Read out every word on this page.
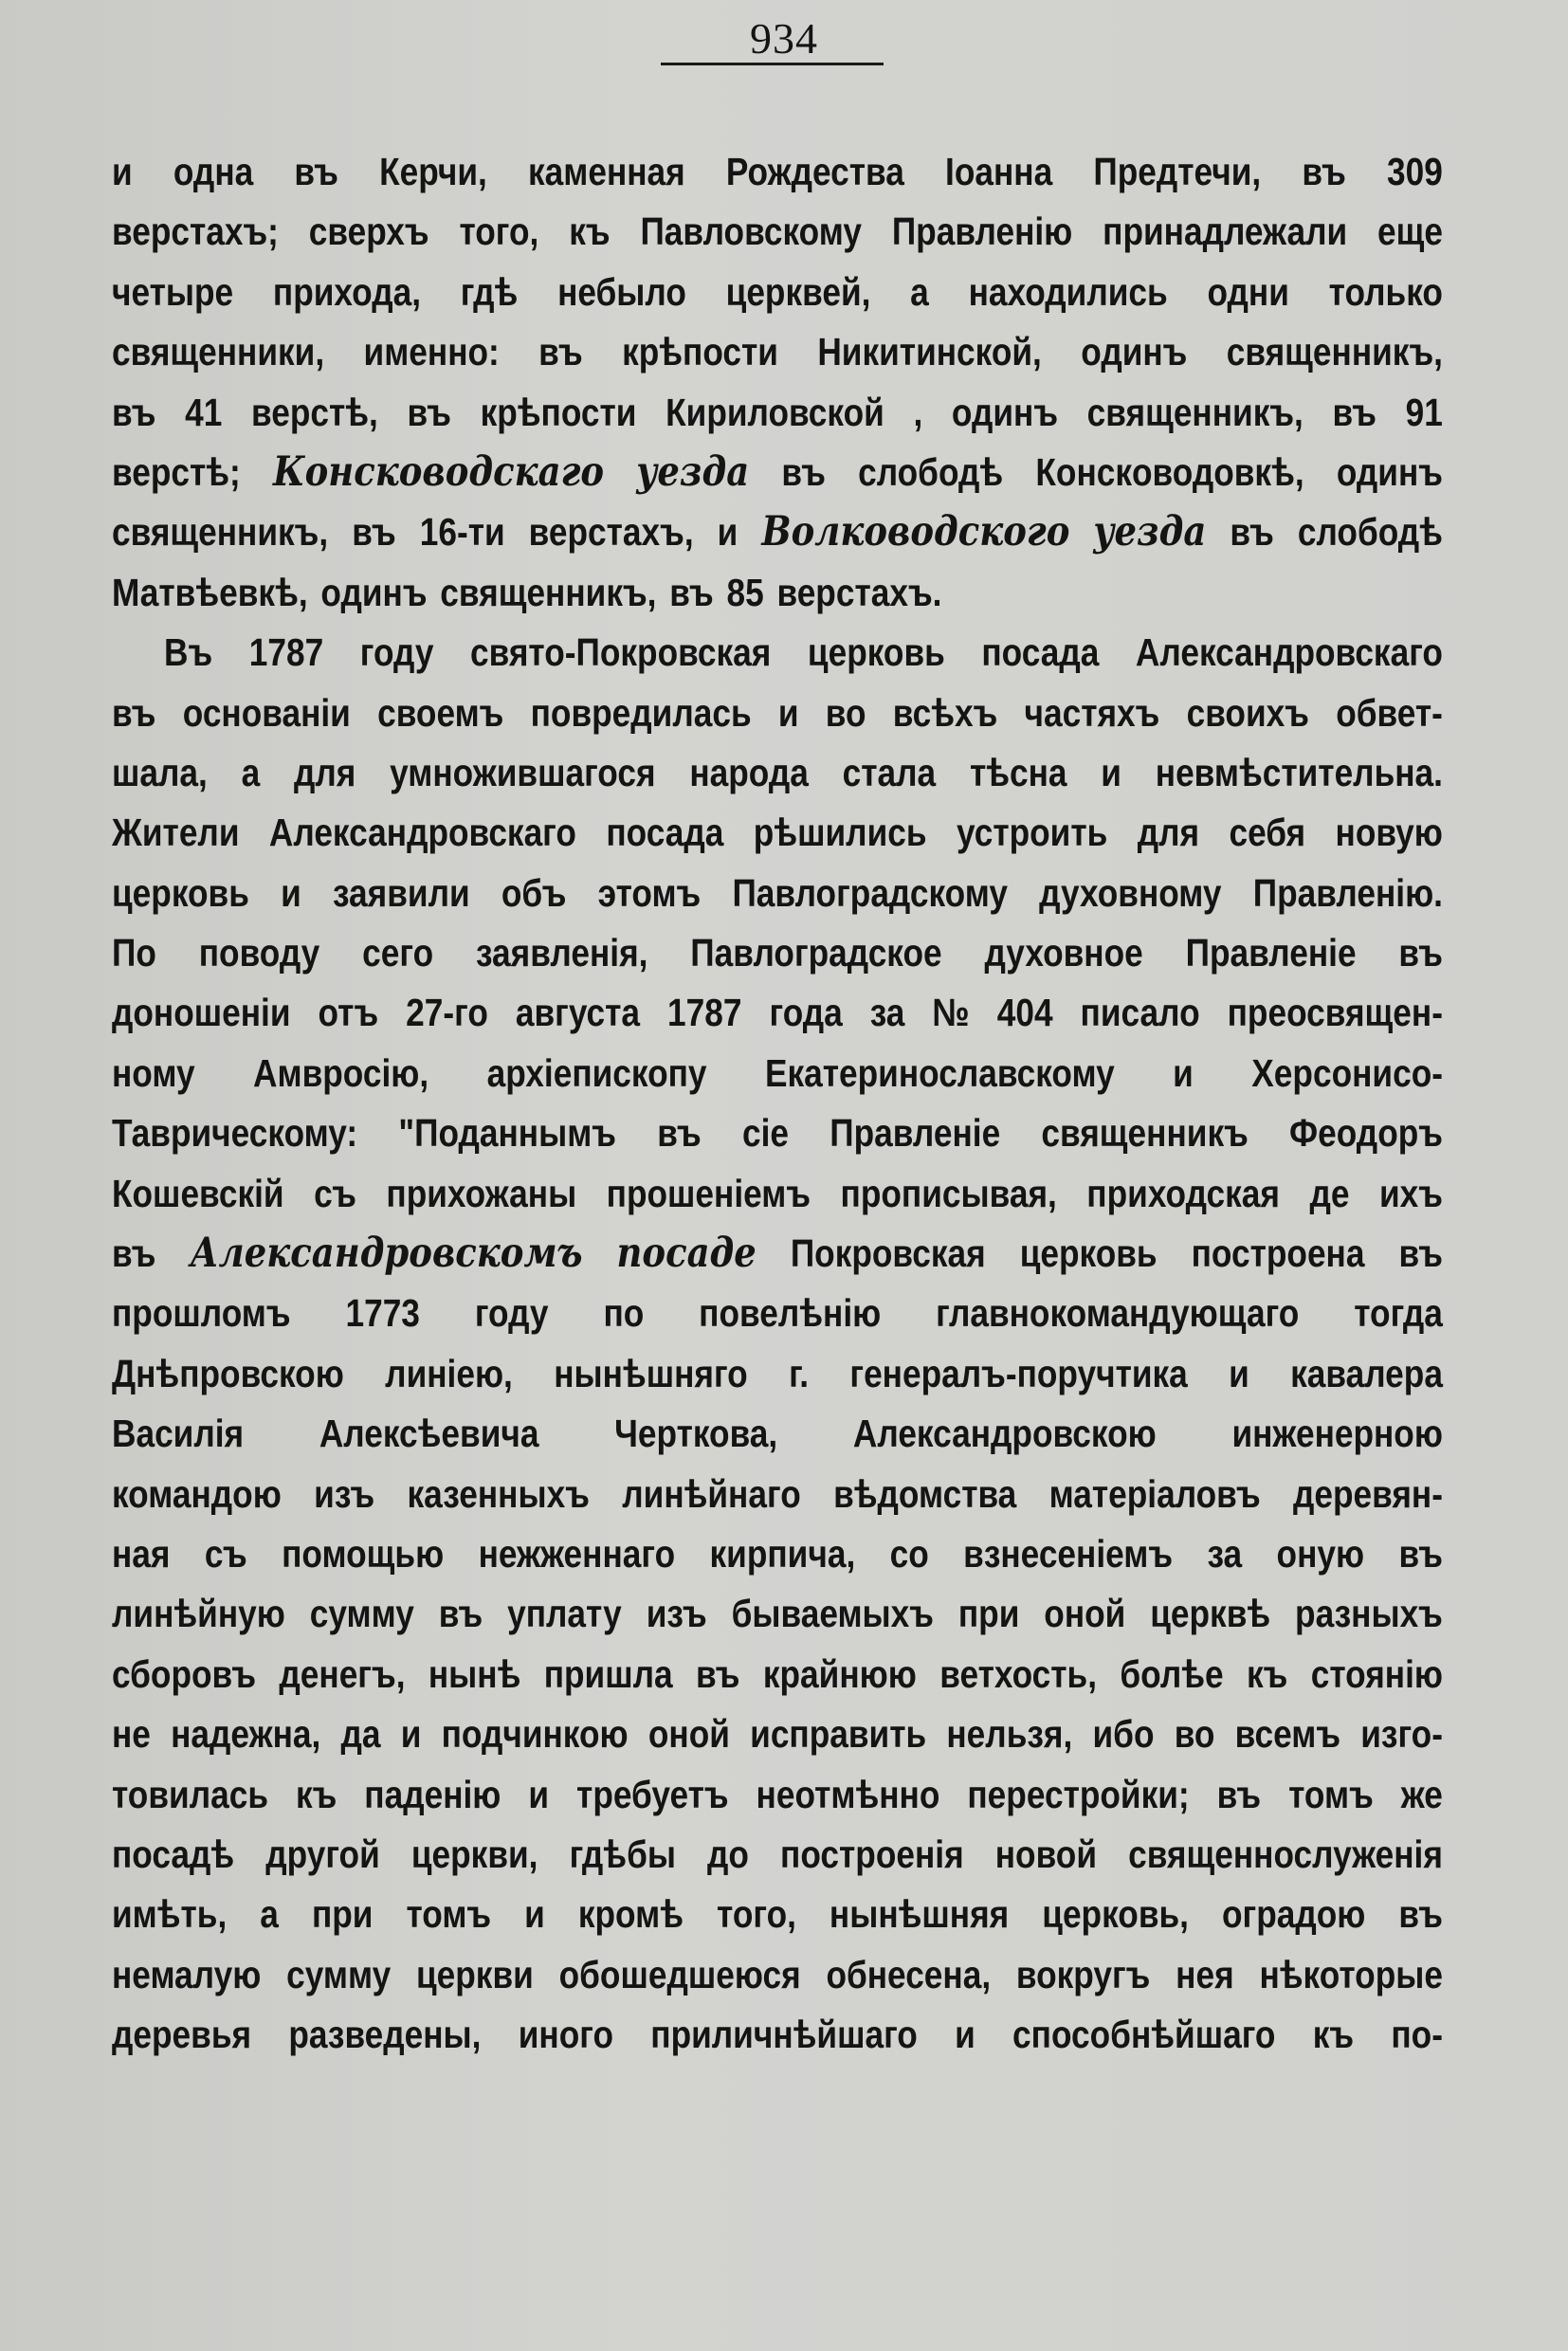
934
и одна въ Керчи, каменная Рождества Іоанна Предтечи, въ 309
верстахъ; сверхъ того, къ Павловскому Правленію принадлежали еще
четыре прихода, гдѣ небыло церквей, а находились одни только
священники, именно: въ крѣпости Никитинской, одинъ священникъ,
въ 41 верстѣ, въ крѣпости Кириловской , одинъ священникъ, въ 91
верстѣ; Конскoводскаго уезда въ слободѣ Конскoводовкѣ, одинъ
священникъ, въ 16-ти верстахъ, и Волководского уезда въ слободѣ
Матвѣевкѣ, одинъ священникъ, въ 85 верстахъ.
Въ 1787 году свято-Покровская церковь посада Александровскаго
въ основаніи своемъ повредилась и во всѣхъ частяхъ своихъ обвет-
шала, а для умножившагося народа стала тѣсна и невмѣстительна.
Жители Александровскаго посада рѣшились устроить для себя новую
церковь и заявили объ этомъ Павлоградскому духовному Правленію.
По поводу сего заявленія, Павлоградское духовное Правленіе въ
доношеніи отъ 27-го августа 1787 года за № 404 писало преосвящен-
ному Амвросію, архіепископу Екатеринославскому и Херсонисо-
Таврическому: "Поданнымъ въ сіе Правленіе священникъ Феодоръ
Кошевскій съ прихожаны прошеніемъ прописывая, приходская де ихъ
въ Александровскомъ посаде Покровская церковь построена въ
прошломъ 1773 году по повелѣнію главнокомандующаго тогда
Днѣпровскою линіею, нынѣшняго г. генералъ-поручтика и кавалера
Василія Алексѣевича Черткова, Александровскою инженерною
командою изъ казенныхъ линѣйнаго вѣдомства матеріаловъ деревян-
ная съ помощью нежженнаго кирпича, со взнесеніемъ за оную въ
линѣйную сумму въ уплату изъ бываемыхъ при оной церквѣ разныхъ
сборовъ денегъ, нынѣ пришла въ крайнюю ветхость, болѣе къ стоянію
не надежна, да и подчинкою оной исправить нельзя, ибо во всемъ изго-
товилась къ паденію и требуетъ неотмѣнно перестройки; въ томъ же
посадѣ другой церкви, гдѣбы до построенія новой священнослуженія
имѣть, а при томъ и кромѣ того, нынѣшняя церковь, оградою въ
немалую сумму церкви обошедшеюся обнесена, вокругъ нея нѣкоторые
деревья разведены, иного приличнѣйшаго и способнѣйшаго къ по-
